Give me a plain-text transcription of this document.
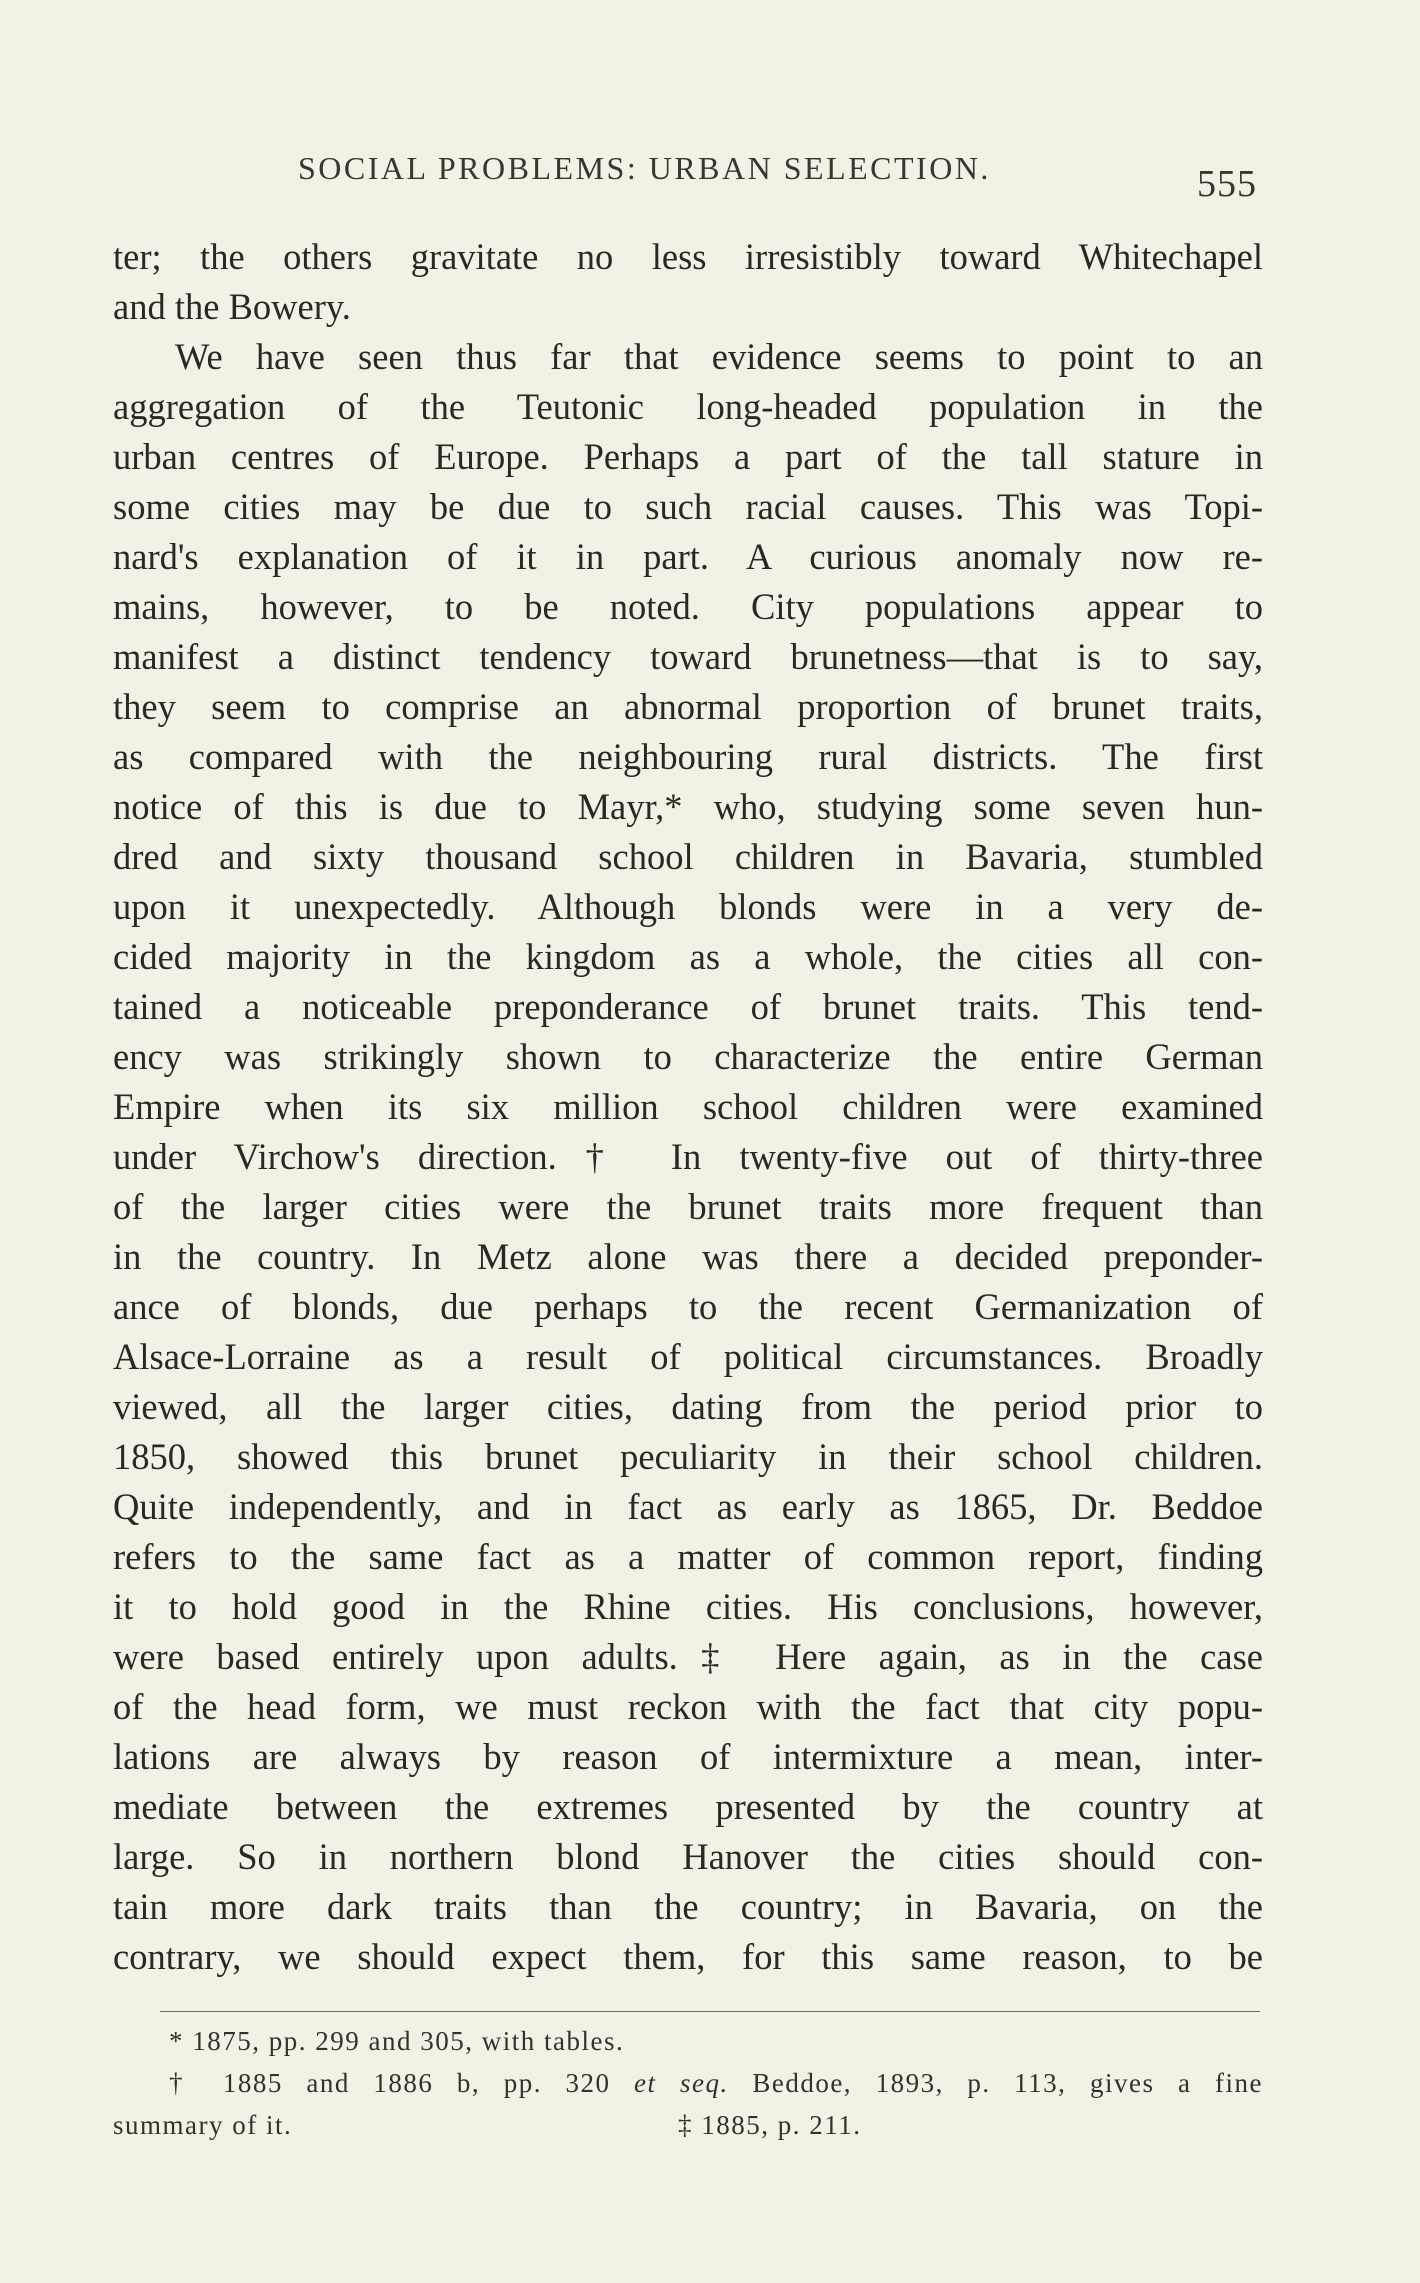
SOCIAL PROBLEMS: URBAN SELECTION.	555
ter; the others gravitate no less irresistibly toward Whitechapel
and the Bowery.
We have seen thus far that evidence seems to point to an
aggregation of the Teutonic long-headed population in the
urban centres of Europe. Perhaps a part of the tall stature in
some cities may be due to such racial causes. This was Topi-
nard's explanation of it in part. A curious anomaly now re-
mains, however, to be noted. City populations appear to
manifest a distinct tendency toward brunetness—that is to say,
they seem to comprise an abnormal proportion of brunet traits,
as compared with the neighbouring rural districts. The first
notice of this is due to Mayr,* who, studying some seven hun-
dred and sixty thousand school children in Bavaria, stumbled
upon it unexpectedly. Although blonds were in a very de-
cided majority in the kingdom as a whole, the cities all con-
tained a noticeable preponderance of brunet traits. This tend-
ency was strikingly shown to characterize the entire German
Empire when its six million school children were examined
under Virchow's direction.† In twenty-five out of thirty-three
of the larger cities were the brunet traits more frequent than
in the country. In Metz alone was there a decided preponder-
ance of blonds, due perhaps to the recent Germanization of
Alsace-Lorraine as a result of political circumstances. Broadly
viewed, all the larger cities, dating from the period prior to
1850, showed this brunet peculiarity in their school children.
Quite independently, and in fact as early as 1865, Dr. Beddoe
refers to the same fact as a matter of common report, finding
it to hold good in the Rhine cities. His conclusions, however,
were based entirely upon adults.‡ Here again, as in the case
of the head form, we must reckon with the fact that city popu-
lations are always by reason of intermixture a mean, inter-
mediate between the extremes presented by the country at
large. So in northern blond Hanover the cities should con-
tain more dark traits than the country; in Bavaria, on the
contrary, we should expect them, for this same reason, to be
* 1875, pp. 299 and 305, with tables.
† 1885 and 1886 b, pp. 320 et seq. Beddoe, 1893, p. 113, gives a fine
summary of it.	‡ 1885, p. 211.
